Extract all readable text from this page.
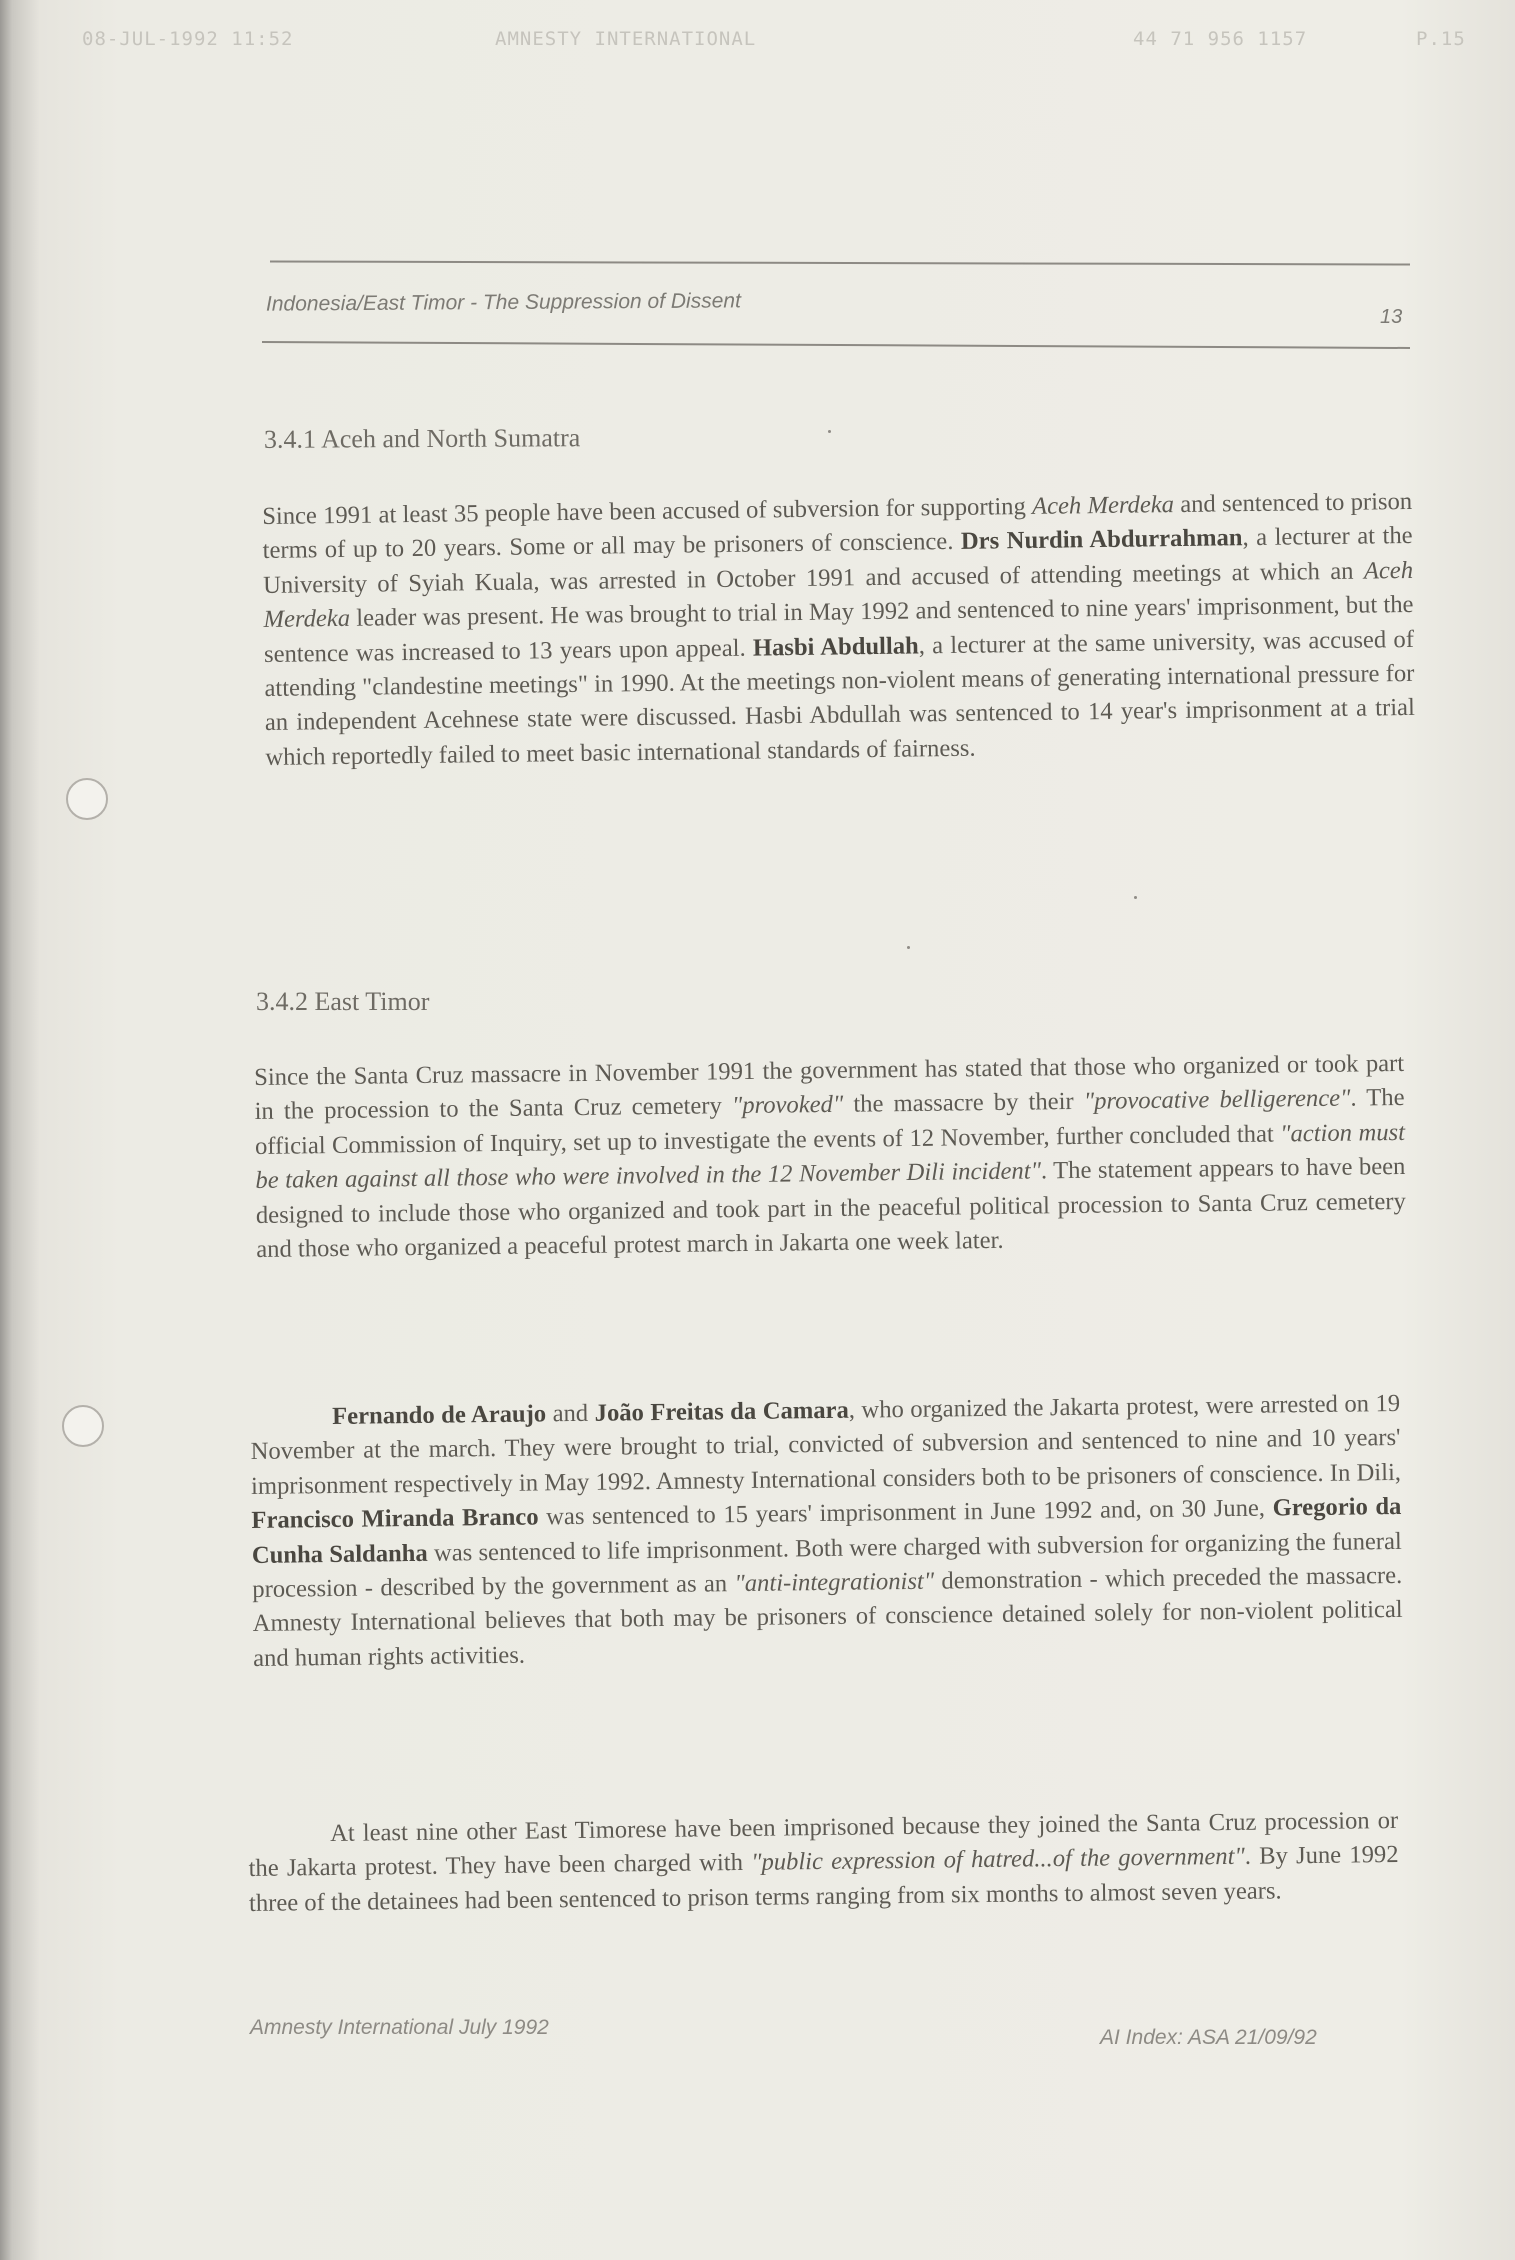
08-JUL-1992 11:52	AMNESTY INTERNATIONAL	44 71 956 1157	P.15
Indonesia/East Timor - The Suppression of Dissent
13
3.4.1 Aceh and North Sumatra
Since 1991 at least 35 people have been accused of subversion for supporting Aceh Merdeka and sentenced to prison terms of up to 20 years. Some or all may be prisoners of conscience. Drs Nurdin Abdurrahman, a lecturer at the University of Syiah Kuala, was arrested in October 1991 and accused of attending meetings at which an Aceh Merdeka leader was present. He was brought to trial in May 1992 and sentenced to nine years' imprisonment, but the sentence was increased to 13 years upon appeal. Hasbi Abdullah, a lecturer at the same university, was accused of attending "clandestine meetings" in 1990. At the meetings non-violent means of generating international pressure for an independent Acehnese state were discussed. Hasbi Abdullah was sentenced to 14 year's imprisonment at a trial which reportedly failed to meet basic international standards of fairness.
3.4.2 East Timor
Since the Santa Cruz massacre in November 1991 the government has stated that those who organized or took part in the procession to the Santa Cruz cemetery "provoked" the massacre by their "provocative belligerence". The official Commission of Inquiry, set up to investigate the events of 12 November, further concluded that "action must be taken against all those who were involved in the 12 November Dili incident". The statement appears to have been designed to include those who organized and took part in the peaceful political procession to Santa Cruz cemetery and those who organized a peaceful protest march in Jakarta one week later.
Fernando de Araujo and João Freitas da Camara, who organized the Jakarta protest, were arrested on 19 November at the march. They were brought to trial, convicted of subversion and sentenced to nine and 10 years' imprisonment respectively in May 1992. Amnesty International considers both to be prisoners of conscience. In Dili, Francisco Miranda Branco was sentenced to 15 years' imprisonment in June 1992 and, on 30 June, Gregorio da Cunha Saldanha was sentenced to life imprisonment. Both were charged with subversion for organizing the funeral procession - described by the government as an "anti-integrationist" demonstration - which preceded the massacre. Amnesty International believes that both may be prisoners of conscience detained solely for non-violent political and human rights activities.
At least nine other East Timorese have been imprisoned because they joined the Santa Cruz procession or the Jakarta protest. They have been charged with "public expression of hatred...of the government". By June 1992 three of the detainees had been sentenced to prison terms ranging from six months to almost seven years.
Amnesty International July 1992	AI Index: ASA 21/09/92
